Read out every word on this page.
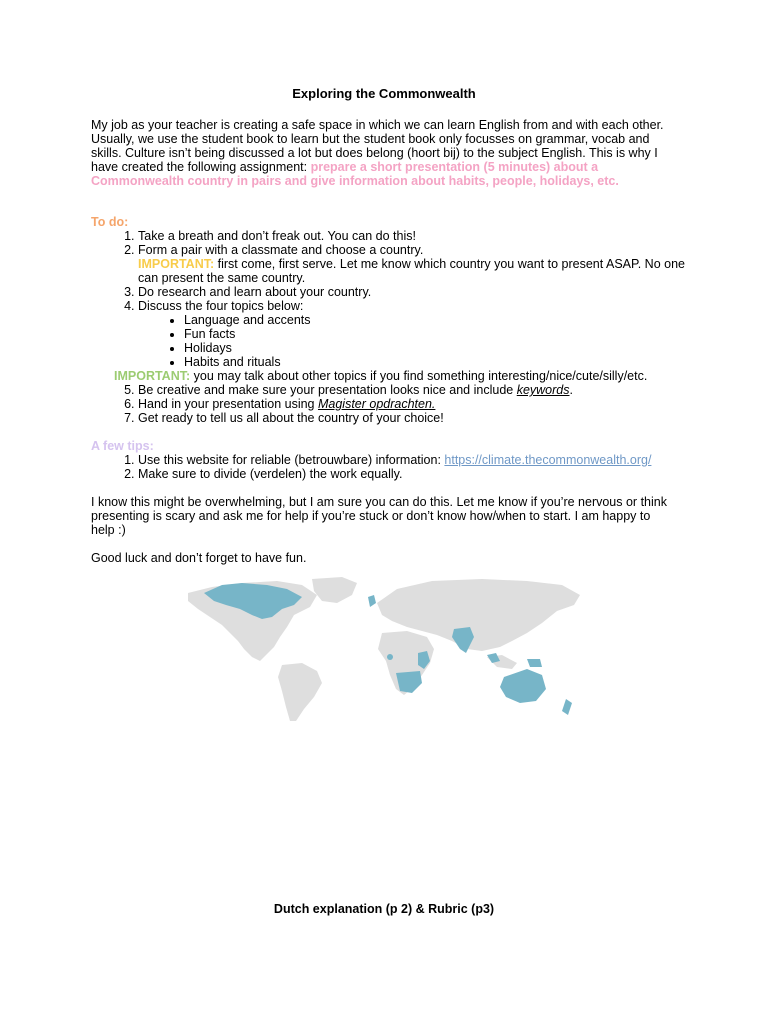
Exploring the Commonwealth
My job as your teacher is creating a safe space in which we can learn English from and with each other. Usually, we use the student book to learn but the student book only focusses on grammar, vocab and skills. Culture isn’t being discussed a lot but does belong (hoort bij) to the subject English. This is why I have created the following assignment: prepare a short presentation (5 minutes) about a Commonwealth country in pairs and give information about habits, people, holidays, etc.
To do:
1. Take a breath and don’t freak out. You can do this!
2. Form a pair with a classmate and choose a country.
IMPORTANT: first come, first serve. Let me know which country you want to present ASAP. No one can present the same country.
3. Do research and learn about your country.
4. Discuss the four topics below:
• Language and accents
• Fun facts
• Holidays
• Habits and rituals
IMPORTANT: you may talk about other topics if you find something interesting/nice/cute/silly/etc.
5. Be creative and make sure your presentation looks nice and include keywords.
6. Hand in your presentation using Magister opdrachten.
7. Get ready to tell us all about the country of your choice!
A few tips:
1. Use this website for reliable (betrouwbare) information: https://climate.thecommonwealth.org/
2. Make sure to divide (verdelen) the work equally.
I know this might be overwhelming, but I am sure you can do this. Let me know if you’re nervous or think presenting is scary and ask me for help if you’re stuck or don’t know how/when to start. I am happy to help :)
Good luck and don’t forget to have fun.
Dutch explanation (p 2) & Rubric (p3)
